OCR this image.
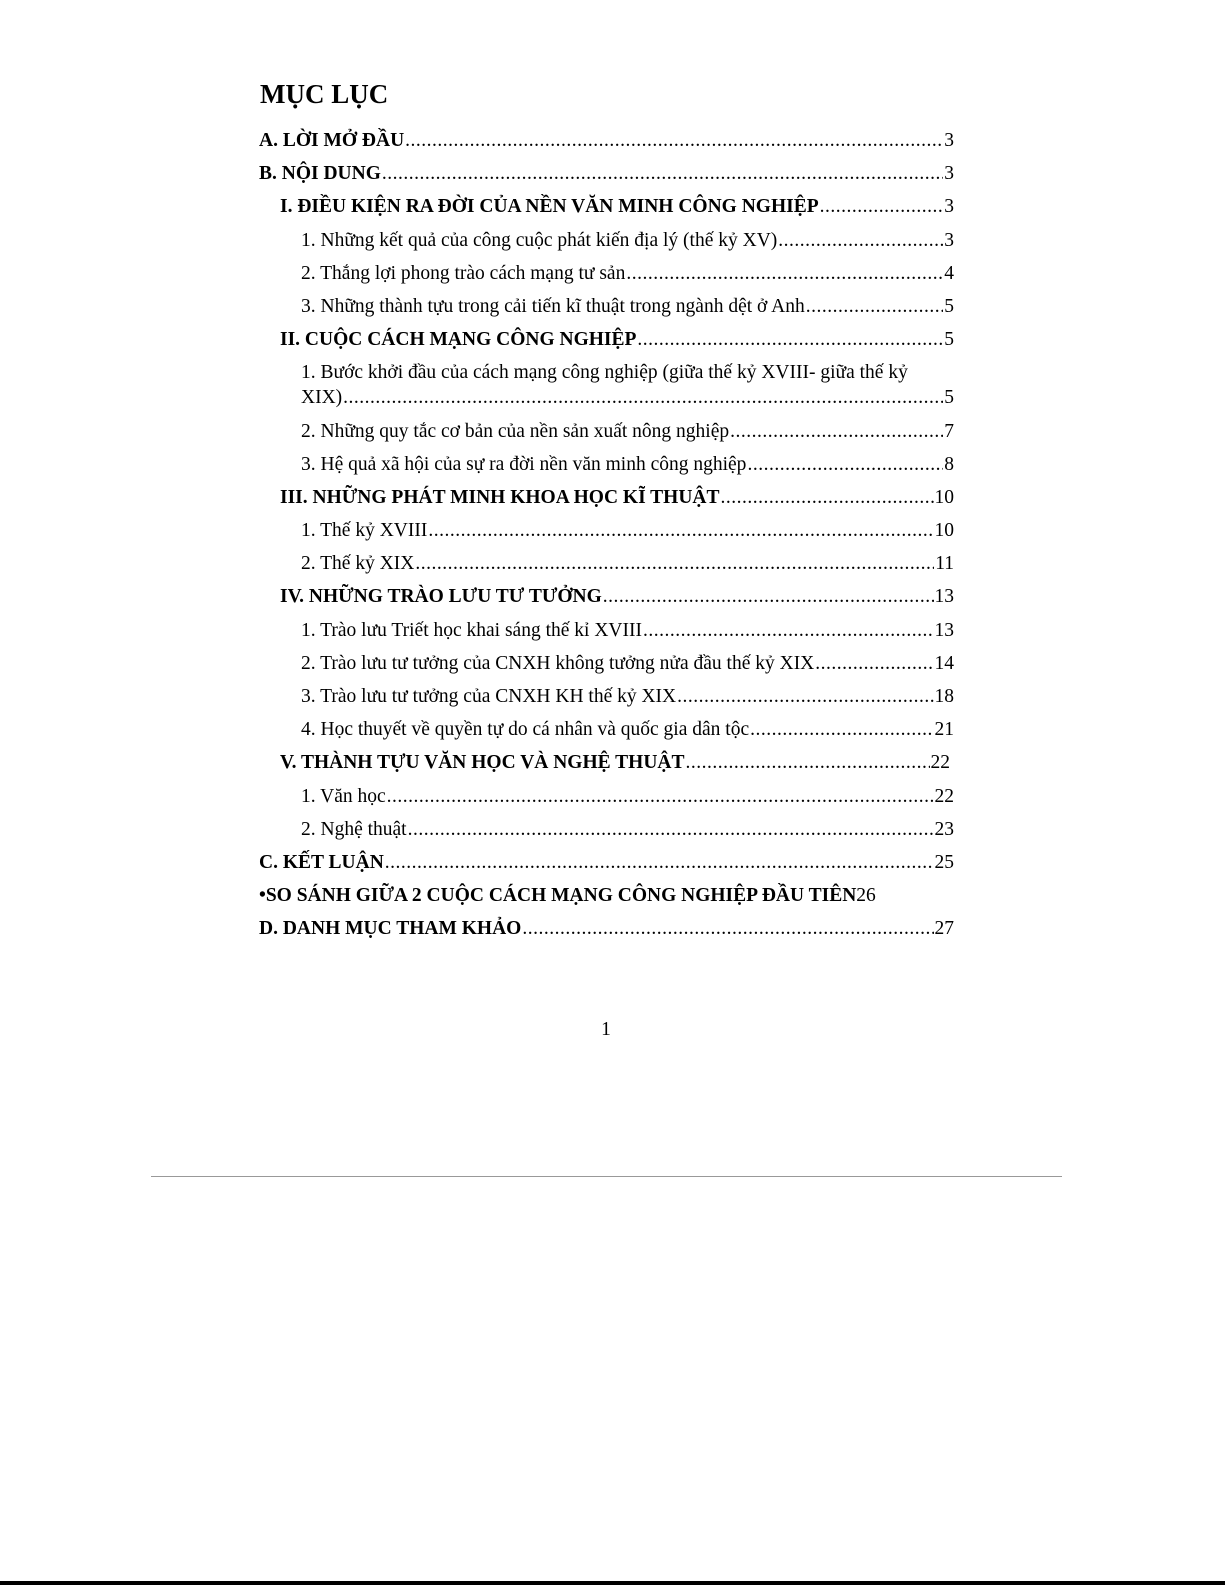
MỤC LỤC
A. LỜI MỞ ĐẦU .....	3
B. NỘI DUNG .....	3
I. ĐIỀU KIỆN RA ĐỜI CỦA NỀN VĂN MINH CÔNG NGHIỆP .....	3
1. Những kết quả của công cuộc phát kiến địa lý (thế kỷ XV) .....	3
2. Thắng lợi phong trào cách mạng tư sản .....	4
3. Những thành tựu trong cải tiến kĩ thuật trong ngành dệt ở Anh .....	5
II. CUỘC CÁCH MẠNG CÔNG NGHIỆP .....	5
1. Bước khởi đầu của cách mạng công nghiệp (giữa thế kỷ XVIII- giữa thế kỷ
XIX) .....	5
2. Những quy tắc cơ bản của nền sản xuất nông nghiệp .....	7
3. Hệ quả xã hội của sự ra đời nền văn minh công nghiệp .....	8
III. NHỮNG PHÁT MINH KHOA HỌC KĨ THUẬT .....	10
1. Thế kỷ XVIII .....	10
2. Thế kỷ XIX .....	11
IV. NHỮNG TRÀO LƯU TƯ TƯỞNG .....	13
1. Trào lưu Triết học khai sáng thế kỉ XVIII .....	13
2. Trào lưu tư tưởng của CNXH không tưởng nửa đầu thế kỷ XIX .....	14
3. Trào lưu tư tưởng của CNXH KH thế kỷ XIX .....	18
4. Học thuyết về quyền tự do cá nhân và quốc gia dân tộc .....	21
V. THÀNH TỰU VĂN HỌC VÀ NGHỆ THUẬT .....	22
1. Văn học .....	22
2. Nghệ thuật .....	23
C. KẾT LUẬN .....	25
•SO SÁNH GIỮA 2 CUỘC CÁCH MẠNG CÔNG NGHIỆP ĐẦU TIÊN 26
D. DANH MỤC THAM KHẢO .....	27
1
